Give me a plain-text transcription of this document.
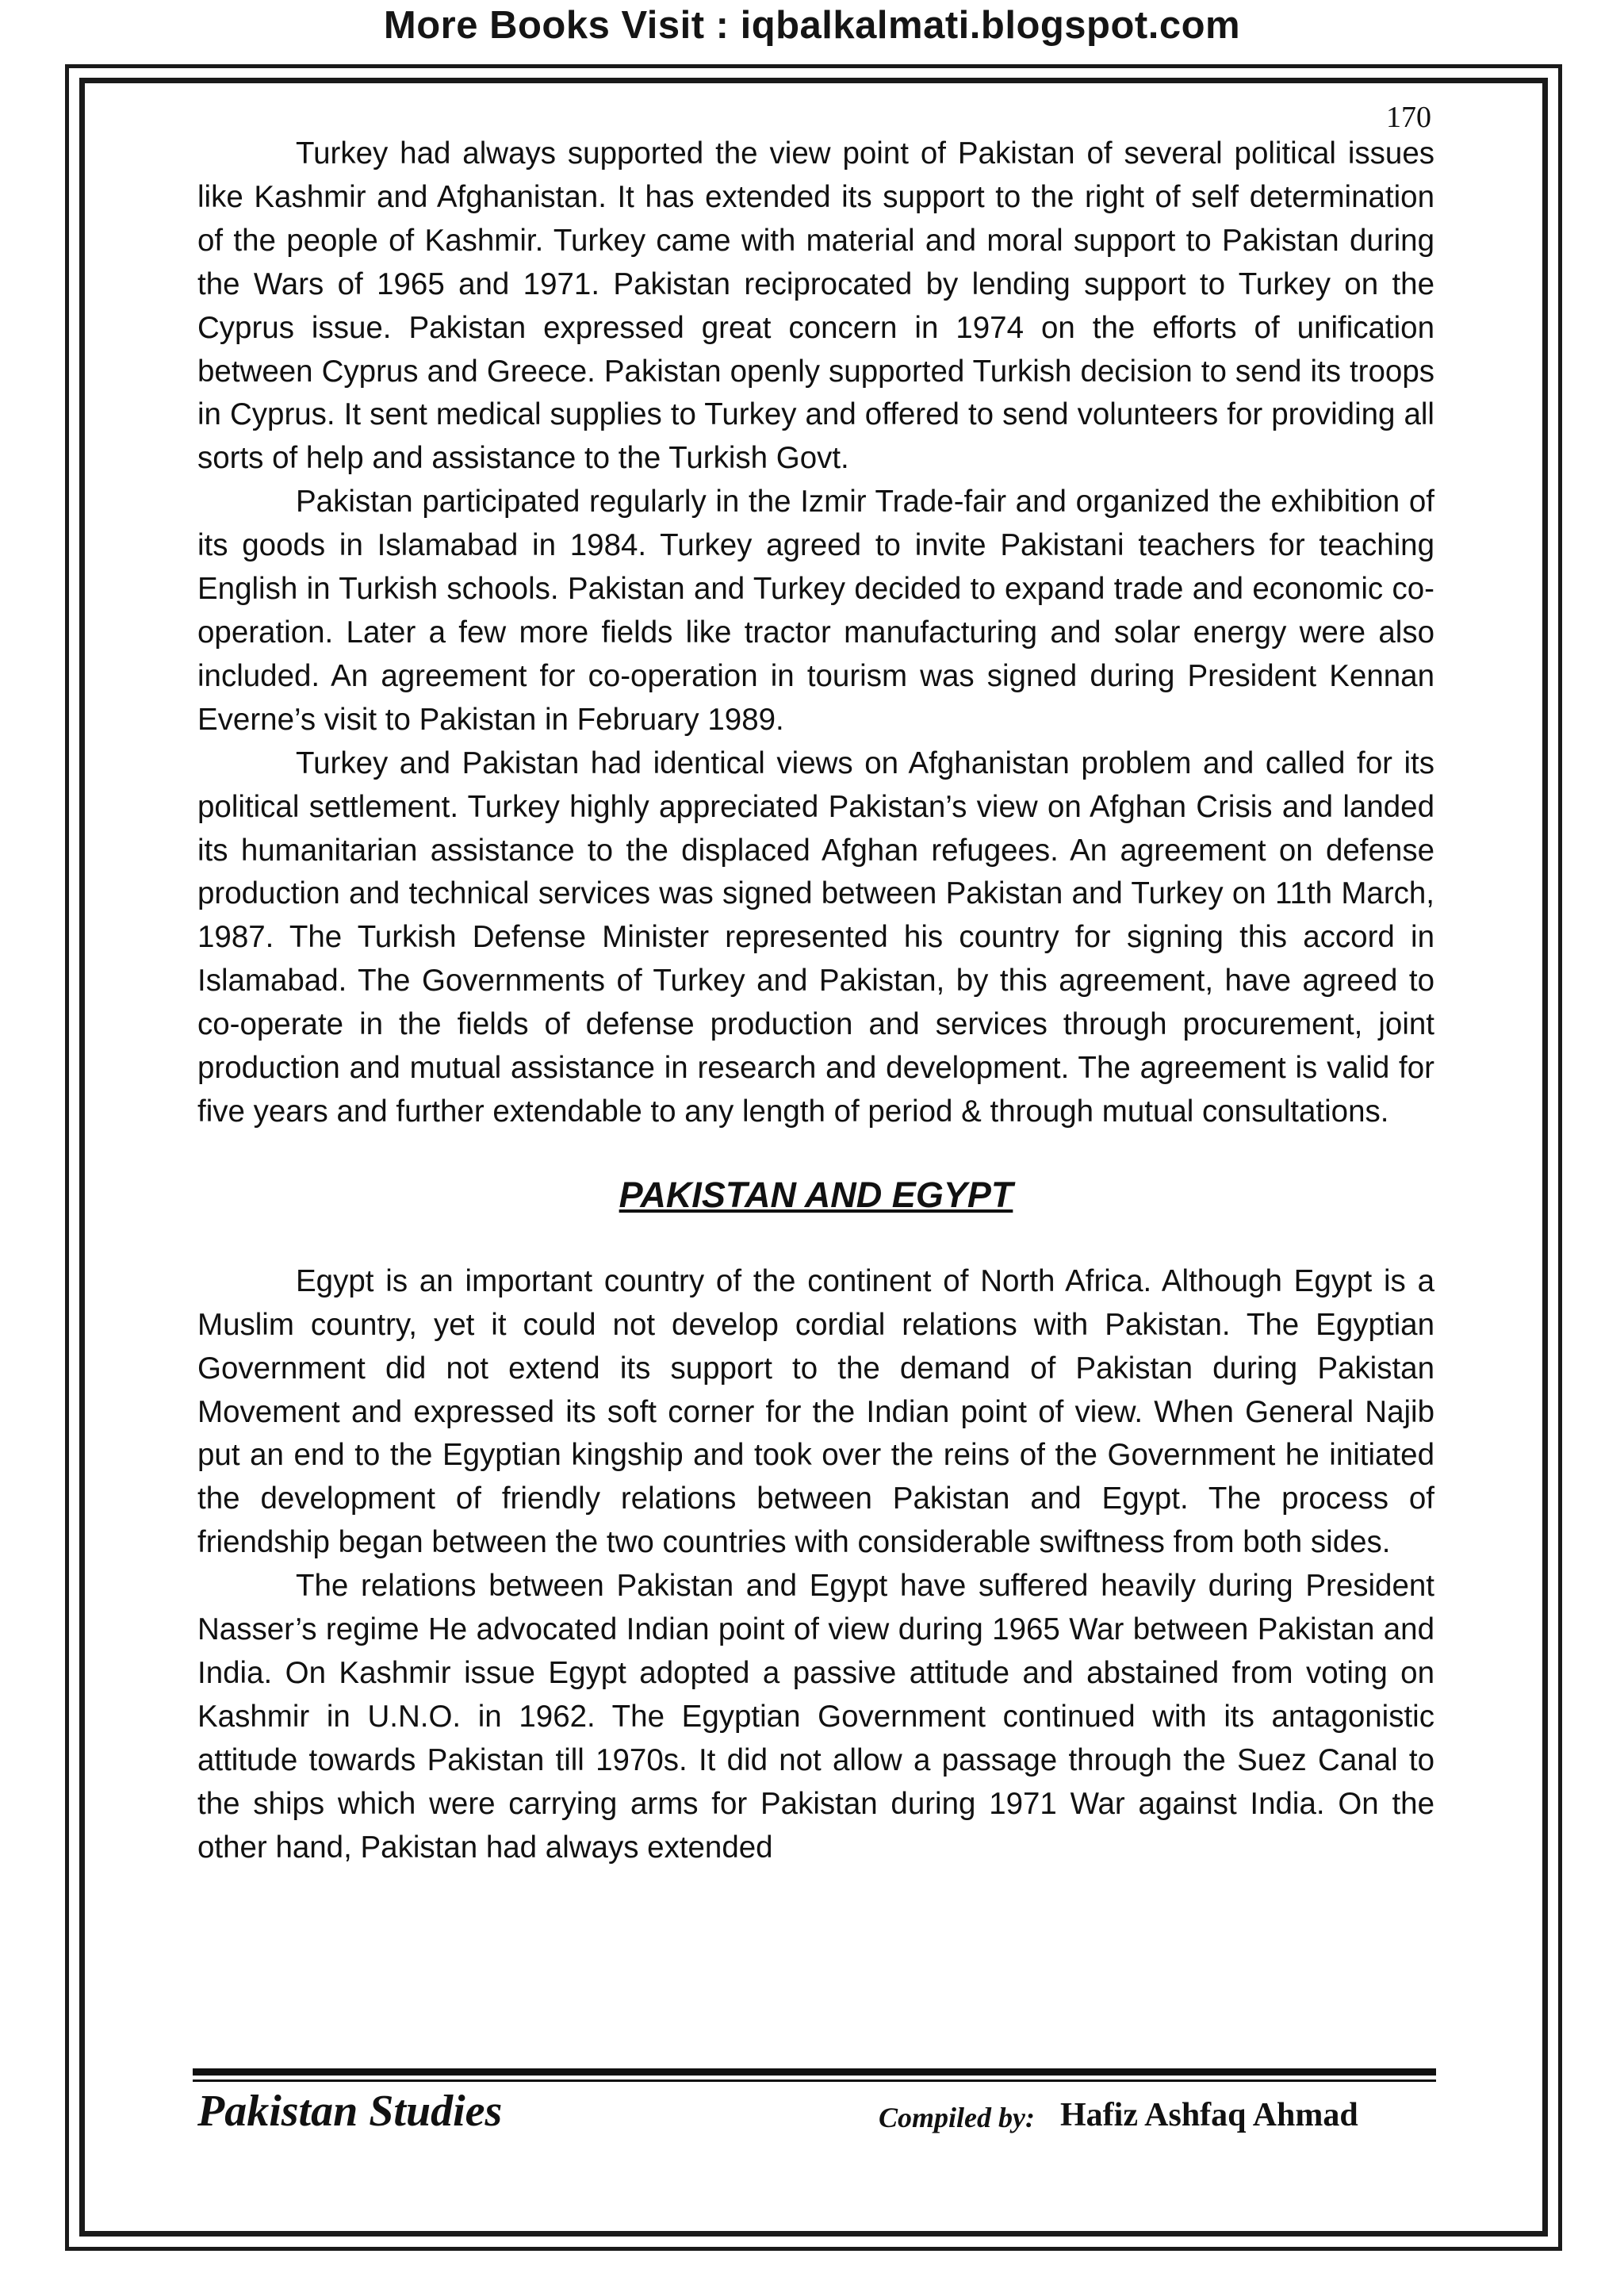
More Books Visit : iqbalkalmati.blogspot.com
170

Turkey had always supported the view point of Pakistan of several political issues like Kashmir and Afghanistan. It has extended its support to the right of self determination of the people of Kashmir. Turkey came with material and moral support to Pakistan during the Wars of 1965 and 1971. Pakistan reciprocated by lending support to Turkey on the Cyprus issue. Pakistan expressed great concern in 1974 on the efforts of unification between Cyprus and Greece. Pakistan openly supported Turkish decision to send its troops in Cyprus. It sent medical supplies to Turkey and offered to send volunteers for providing all sorts of help and assistance to the Turkish Govt.

Pakistan participated regularly in the Izmir Trade-fair and organized the exhibition of its goods in Islamabad in 1984. Turkey agreed to invite Pakistani teachers for teaching English in Turkish schools. Pakistan and Turkey decided to expand trade and economic co-operation. Later a few more fields like tractor manufacturing and solar energy were also included. An agreement for co-operation in tourism was signed during President Kennan Everne’s visit to Pakistan in February 1989.

Turkey and Pakistan had identical views on Afghanistan problem and called for its political settlement. Turkey highly appreciated Pakistan’s view on Afghan Crisis and landed its humanitarian assistance to the displaced Afghan refugees. An agreement on defense production and technical services was signed between Pakistan and Turkey on 11th March, 1987. The Turkish Defense Minister represented his country for signing this accord in Islamabad. The Governments of Turkey and Pakistan, by this agreement, have agreed to co-operate in the fields of defense production and services through procurement, joint production and mutual assistance in research and development. The agreement is valid for five years and further extendable to any length of period & through mutual consultations.

PAKISTAN AND EGYPT

Egypt is an important country of the continent of North Africa. Although Egypt is a Muslim country, yet it could not develop cordial relations with Pakistan. The Egyptian Government did not extend its support to the demand of Pakistan during Pakistan Movement and expressed its soft corner for the Indian point of view. When General Najib put an end to the Egyptian kingship and took over the reins of the Government he initiated the development of friendly relations between Pakistan and Egypt. The process of friendship began between the two countries with considerable swiftness from both sides.

The relations between Pakistan and Egypt have suffered heavily during President Nasser’s regime He advocated Indian point of view during 1965 War between Pakistan and India. On Kashmir issue Egypt adopted a passive attitude and abstained from voting on Kashmir in U.N.O. in 1962. The Egyptian Government continued with its antagonistic attitude towards Pakistan till 1970s. It did not allow a passage through the Suez Canal to the ships which were carrying arms for Pakistan during 1971 War against India. On the other hand, Pakistan had always extended

Pakistan Studies	Compiled by: Hafiz Ashfaq Ahmad
